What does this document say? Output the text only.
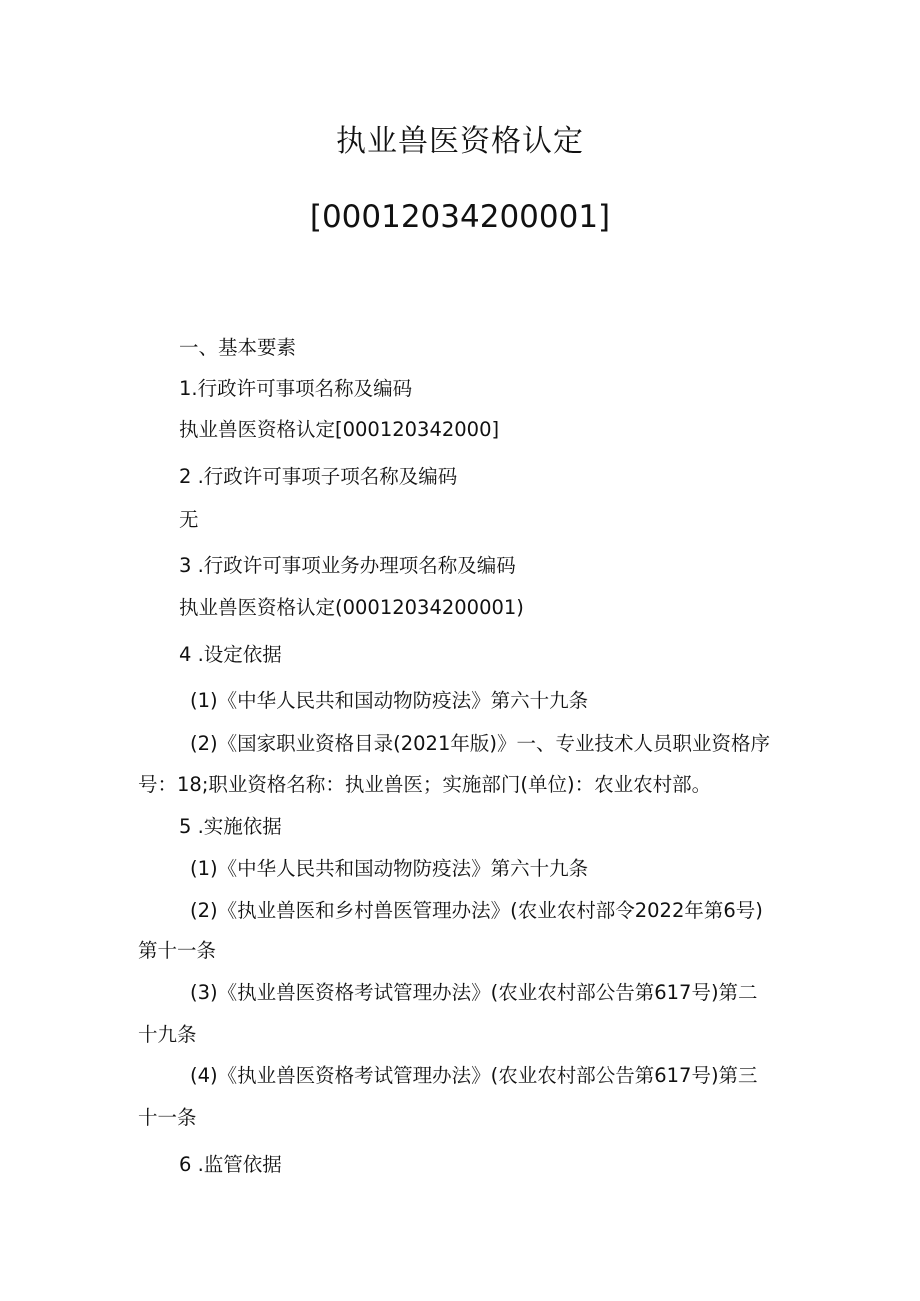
执业兽医资格认定
[00012034200001]
一、基本要素
1.行政许可事项名称及编码
执业兽医资格认定[000120342000]
2 .行政许可事项子项名称及编码
无
3 .行政许可事项业务办理项名称及编码
执业兽医资格认定(00012034200001)
4 .设定依据
(1)《中华人民共和国动物防疫法》第六十九条
(2)《国家职业资格目录(2021年版)》一、专业技术人员职业资格序
号：18;职业资格名称：执业兽医；实施部门(单位)：农业农村部。
5 .实施依据
(1)《中华人民共和国动物防疫法》第六十九条
(2)《执业兽医和乡村兽医管理办法》(农业农村部令2022年第6号)
第十一条
(3)《执业兽医资格考试管理办法》(农业农村部公告第617号)第二
十九条
(4)《执业兽医资格考试管理办法》(农业农村部公告第617号)第三
十一条
6 .监管依据
